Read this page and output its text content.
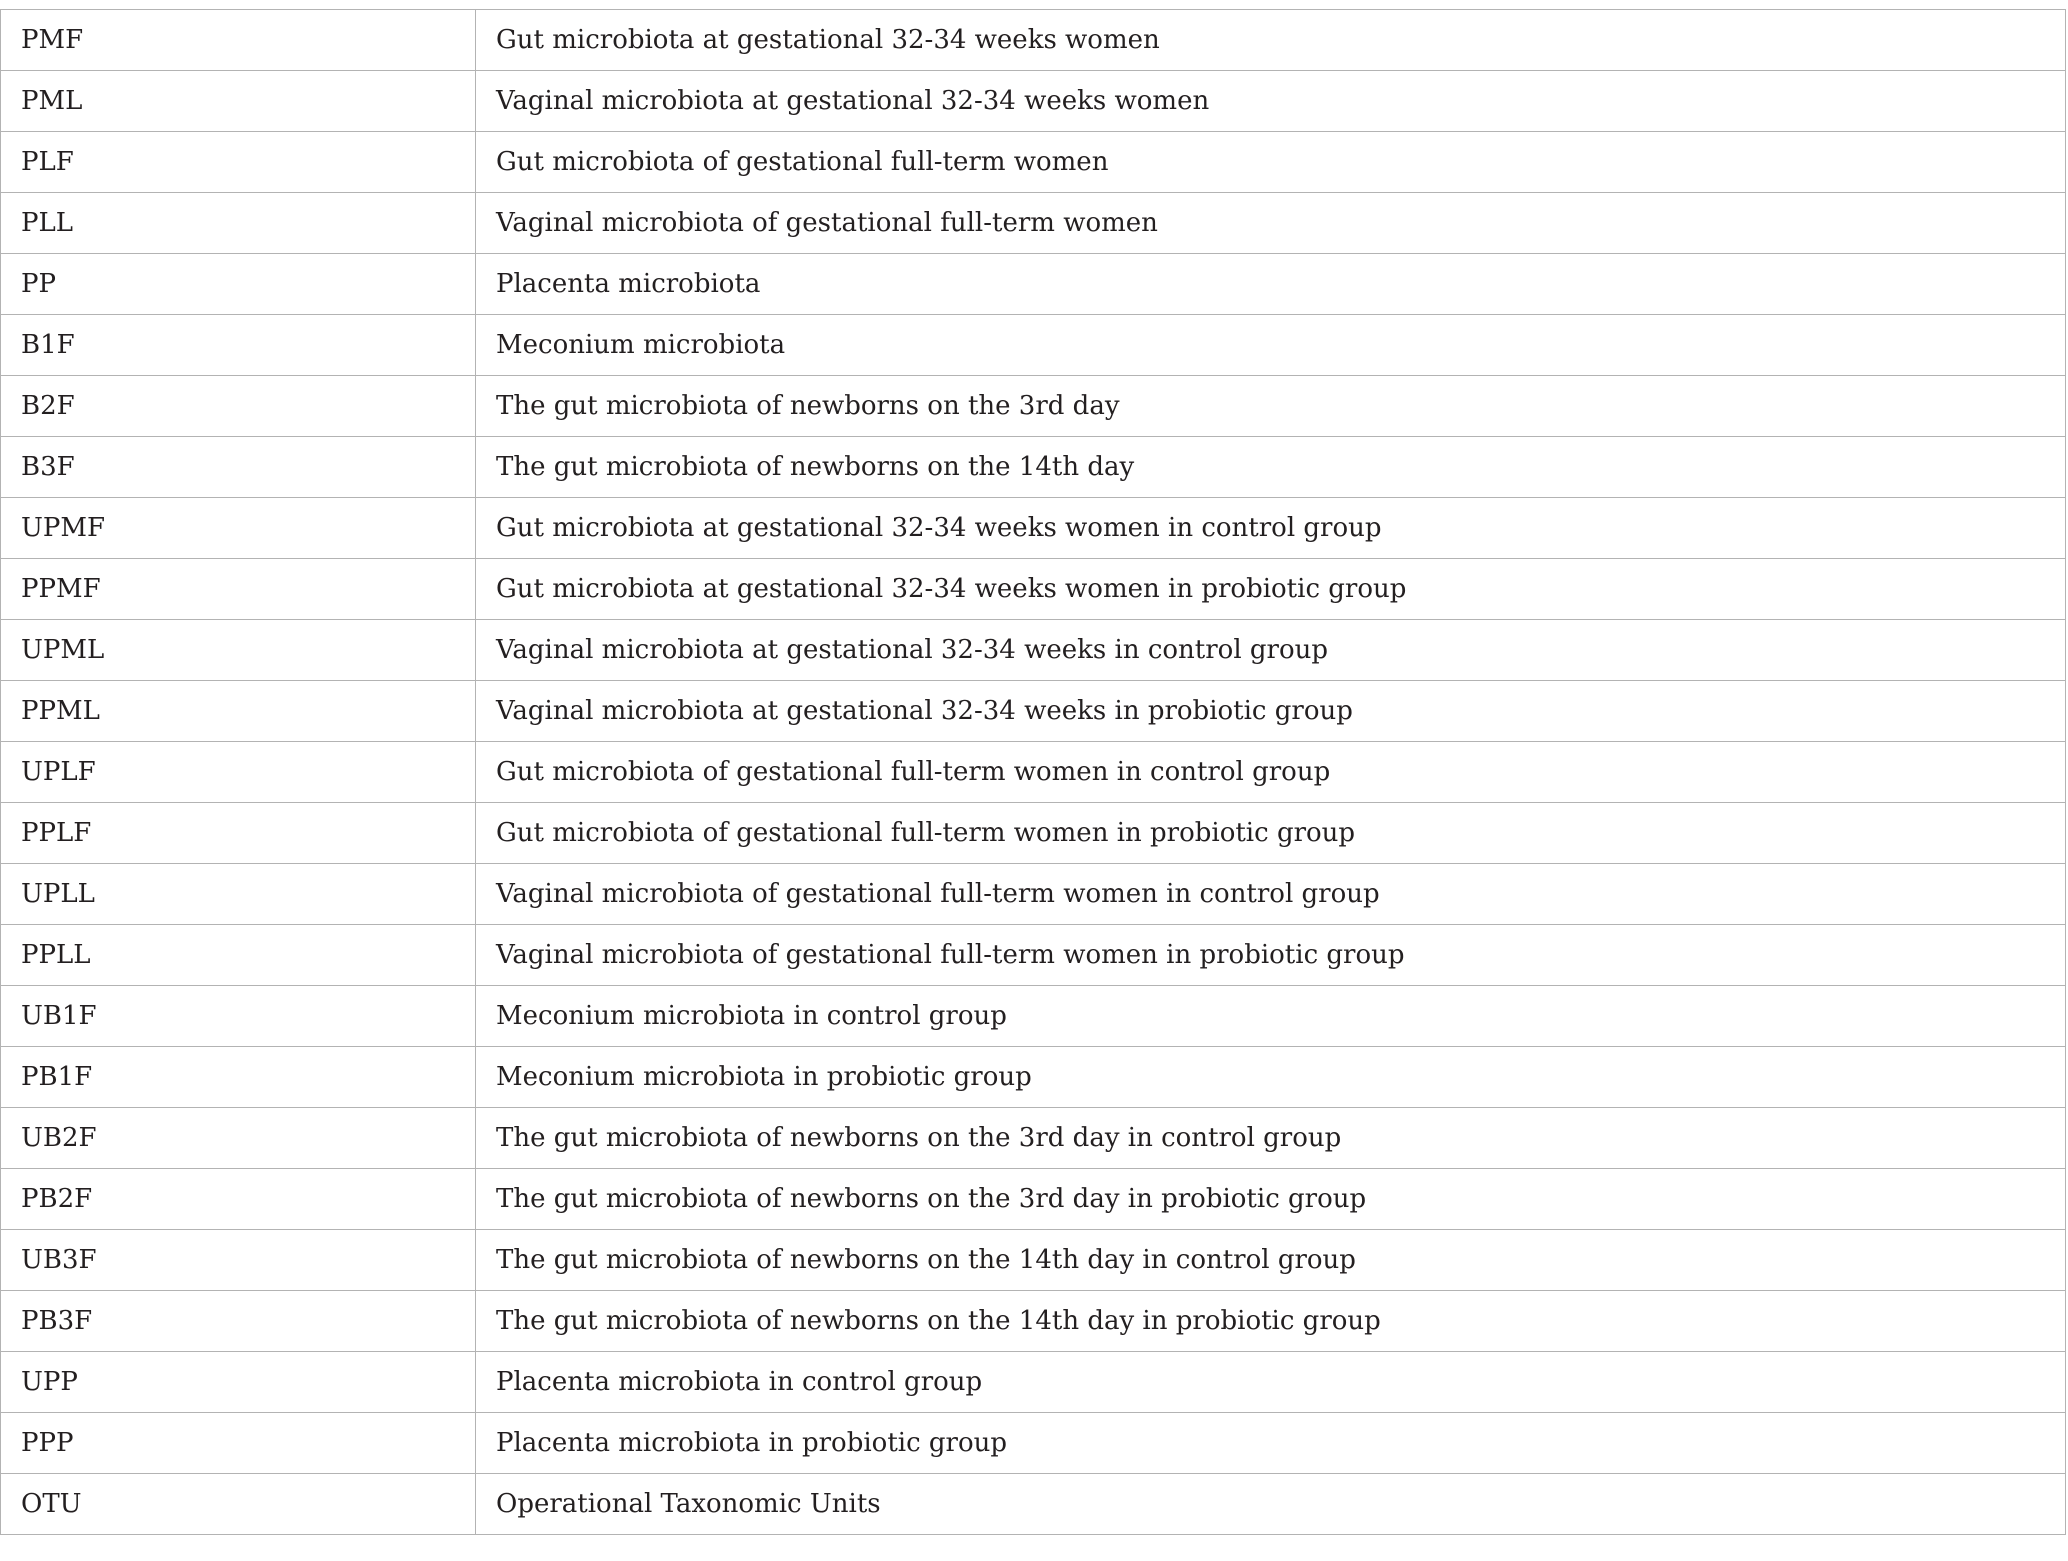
PMF	Gut microbiota at gestational 32-34 weeks women
PML	Vaginal microbiota at gestational 32-34 weeks women
PLF	Gut microbiota of gestational full-term women
PLL	Vaginal microbiota of gestational full-term women
PP	Placenta microbiota
B1F	Meconium microbiota
B2F	The gut microbiota of newborns on the 3rd day
B3F	The gut microbiota of newborns on the 14th day
UPMF	Gut microbiota at gestational 32-34 weeks women in control group
PPMF	Gut microbiota at gestational 32-34 weeks women in probiotic group
UPML	Vaginal microbiota at gestational 32-34 weeks in control group
PPML	Vaginal microbiota at gestational 32-34 weeks in probiotic group
UPLF	Gut microbiota of gestational full-term women in control group
PPLF	Gut microbiota of gestational full-term women in probiotic group
UPLL	Vaginal microbiota of gestational full-term women in control group
PPLL	Vaginal microbiota of gestational full-term women in probiotic group
UB1F	Meconium microbiota in control group
PB1F	Meconium microbiota in probiotic group
UB2F	The gut microbiota of newborns on the 3rd day in control group
PB2F	The gut microbiota of newborns on the 3rd day in probiotic group
UB3F	The gut microbiota of newborns on the 14th day in control group
PB3F	The gut microbiota of newborns on the 14th day in probiotic group
UPP	Placenta microbiota in control group
PPP	Placenta microbiota in probiotic group
OTU	Operational Taxonomic Units
